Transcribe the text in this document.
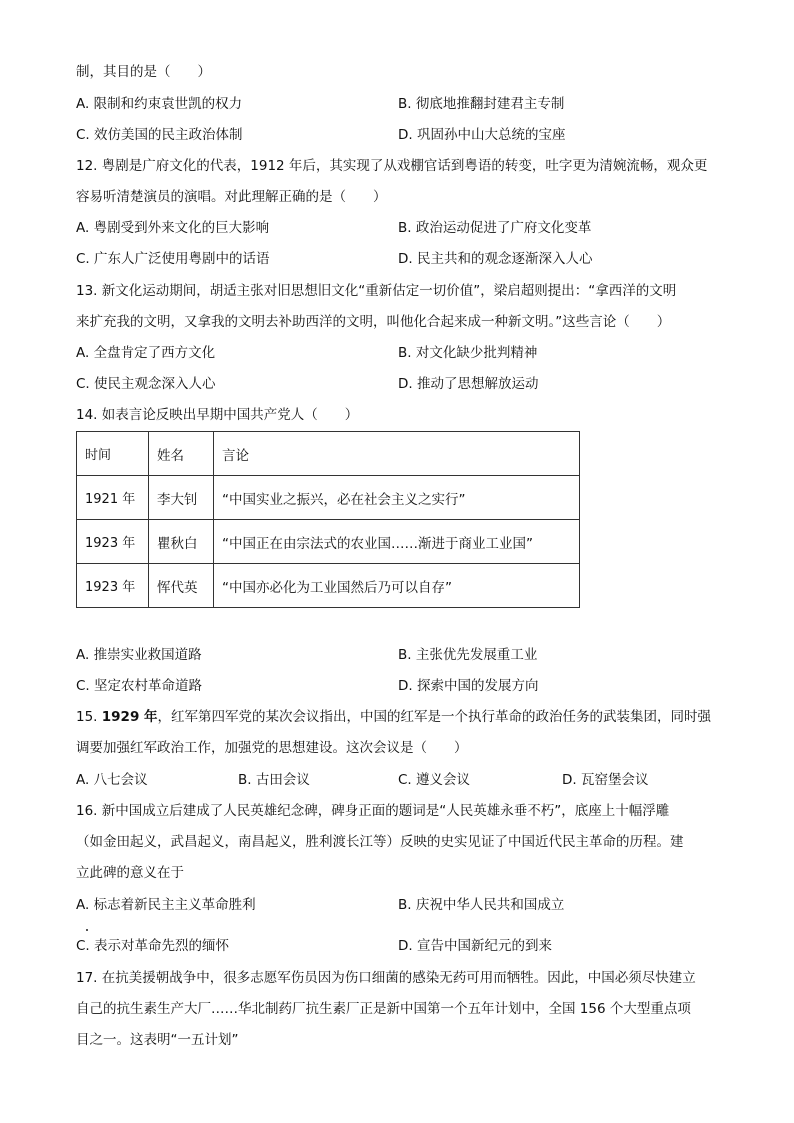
制，其目的是（　　）
A. 限制和约束袁世凯的权力	B. 彻底地推翻封建君主专制
C. 效仿美国的民主政治体制	D. 巩固孙中山大总统的宝座
12. 粤剧是广府文化的代表，1912 年后，其实现了从戏棚官话到粤语的转变，吐字更为清婉流畅，观众更
容易听清楚演员的演唱。对此理解正确的是（　　）
A. 粤剧受到外来文化的巨大影响	B. 政治运动促进了广府文化变革
C. 广东人广泛使用粤剧中的话语	D. 民主共和的观念逐渐深入人心
13. 新文化运动期间，胡适主张对旧思想旧文化“重新估定一切价值”，梁启超则提出：“拿西洋的文明
来扩充我的文明，又拿我的文明去补助西洋的文明，叫他化合起来成一种新文明。”这些言论（　　）
A. 全盘肯定了西方文化	B. 对文化缺少批判精神
C. 使民主观念深入人心	D. 推动了思想解放运动
14. 如表言论反映出早期中国共产党人（　　）
时间	姓名	言论
1921 年	李大钊	“中国实业之振兴，必在社会主义之实行”
1923 年	瞿秋白	“中国正在由宗法式的农业国……渐进于商业工业国”
1923 年	恽代英	“中国亦必化为工业国然后乃可以自存”
A. 推崇实业救国道路	B. 主张优先发展重工业
C. 坚定农村革命道路	D. 探索中国的发展方向
15. 1929 年，红军第四军党的某次会议指出，中国的红军是一个执行革命的政治任务的武装集团，同时强
调要加强红军政治工作，加强党的思想建设。这次会议是（　　）
A. 八七会议	B. 古田会议	C. 遵义会议	D. 瓦窑堡会议
16. 新中国成立后建成了人民英雄纪念碑，碑身正面的题词是“人民英雄永垂不朽”，底座上十幅浮雕
（如金田起义，武昌起义，南昌起义，胜利渡长江等）反映的史实见证了中国近代民主革命的历程。建
立此碑的意义在于
A. 标志着新民主主义革命胜利	B. 庆祝中华人民共和国成立
C. 表示对革命先烈的缅怀	D. 宣告中国新纪元的到来
17. 在抗美援朝战争中，很多志愿军伤员因为伤口细菌的感染无药可用而牺牲。因此，中国必须尽快建立
自己的抗生素生产大厂……华北制药厂抗生素厂正是新中国第一个五年计划中，全国 156 个大型重点项
目之一。这表明“一五计划”
